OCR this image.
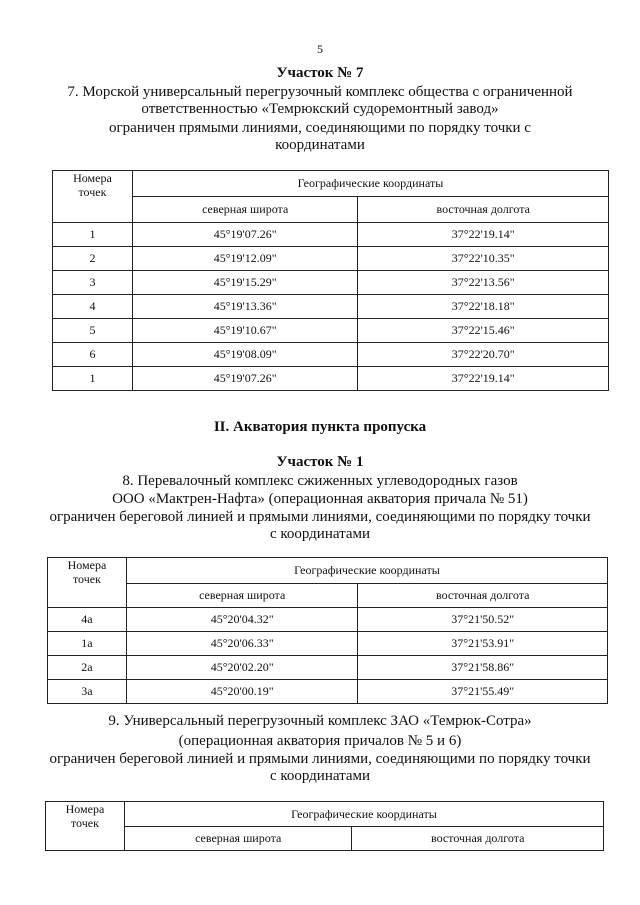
5
Участок № 7
7. Морской универсальный перегрузочный комплекс общества с ограниченной
ответственностью «Темрюкский судоремонтный завод»
ограничен прямыми линиями, соединяющими по порядку точки с
координатами
Номера
точек	Географические координаты	
	северная широта	восточная долгота
1	45°19'07.26"	37°22'19.14"
2	45°19'12.09"	37°22'10.35"
3	45°19'15.29"	37°22'13.56"
4	45°19'13.36"	37°22'18.18"
5	45°19'10.67"	37°22'15.46"
6	45°19'08.09"	37°22'20.70"
1	45°19'07.26"	37°22'19.14"
II. Акватория пункта пропуска
Участок № 1
8. Перевалочный комплекс сжиженных углеводородных газов
ООО «Мактрен-Нафта» (операционная акватория причала № 51)
ограничен береговой линией и прямыми линиями, соединяющими по порядку точки
с координатами
Номера
точек	Географические координаты	
	северная широта	восточная долгота
4а	45°20'04.32"	37°21'50.52"
1а	45°20'06.33"	37°21'53.91"
2а	45°20'02.20"	37°21'58.86"
3а	45°20'00.19"	37°21'55.49"
9. Универсальный перегрузочный комплекс ЗАО «Темрюк-Сотра»
(операционная акватория причалов № 5 и 6)
ограничен береговой линией и прямыми линиями, соединяющими по порядку точки
с координатами
Номера
точек	Географические координаты	
	северная широта	восточная долгота
